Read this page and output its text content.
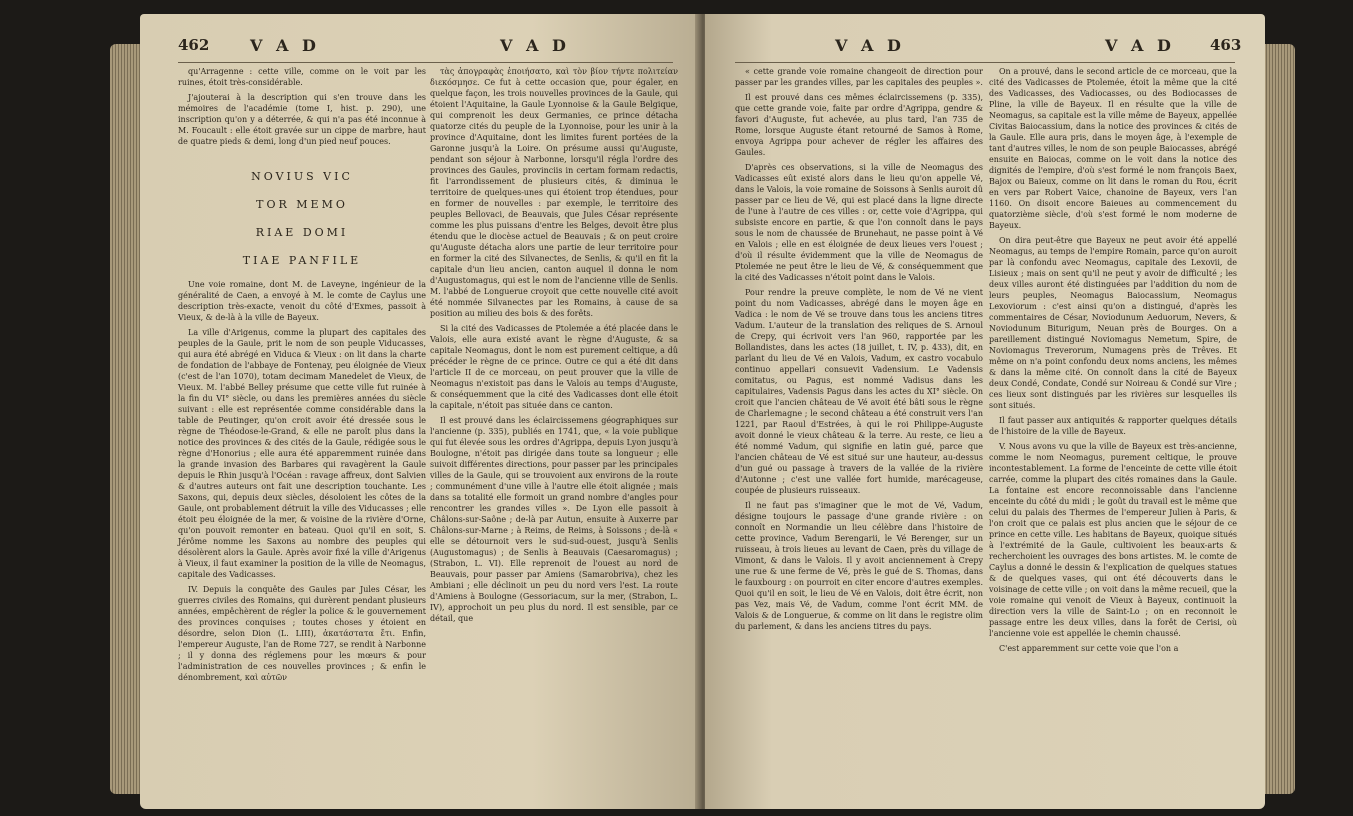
462	V A D	V A D

qu'Arragenne : cette ville, comme on le voit par les ruines, étoit très-considérable.

J'ajouterai à la description qui s'en trouve dans les mémoires de l'académie (tome I, hist. p. 290), une inscription qu'on y a déterrée, & qui n'a pas été inconnue à M. Foucault : elle étoit gravée sur un cippe de marbre, haut de quatre pieds & demi, long d'un pied neuf pouces.

NOVIUS VIC
TOR MEMO
RIAE DOMI
TIAE PANFILE

Une voie romaine, dont M. de Laveyne, ingénieur de la généralité de Caen, a envoyé à M. le comte de Caylus une description très-exacte, venoit du côté d'Exmes, passoit à Vieux, & de-là à la ville de Bayeux.

La ville d'Arigenus, comme la plupart des capitales des peuples de la Gaule, prit le nom de son peuple Viducasses, qui aura été abrégé en Viduca & Vieux : on lit dans la charte de fondation de l'abbaye de Fontenay, peu éloignée de Vieux (c'est de l'an 1070), totam decimam Manedelet de Vieux, de Vieux. M. l'abbé Belley présume que cette ville fut ruinée à la fin du VI° siècle, ou dans les premières années du siècle suivant : elle est représentée comme considérable dans la table de Peutinger, qu'on croit avoir été dressée sous le règne de Théodose-le-Grand, & elle ne paroît plus dans la notice des provinces & des cités de la Gaule, rédigée sous le règne d'Honorius ; elle aura été apparemment ruinée dans la grande invasion des Barbares qui ravagèrent la Gaule depuis le Rhin jusqu'à l'Océan : ravage affreux, dont Salvien & d'autres auteurs ont fait une description touchante. Les Saxons, qui, depuis deux siècles, désoloient les côtes de la Gaule, ont probablement détruit la ville des Viducasses ; elle étoit peu éloignée de la mer, & voisine de la rivière d'Orne, qu'on pouvoit remonter en bateau. Quoi qu'il en soit, S. Jérôme nomme les Saxons au nombre des peuples qui désolèrent alors la Gaule. Après avoir fixé la ville d'Arigenus à Vieux, il faut examiner la position de la ville de Neomagus, capitale des Vadicasses.

IV. Depuis la conquête des Gaules par Jules César, les guerres civiles des Romains, qui durèrent pendant plusieurs années, empêchèrent de régler la police & le gouvernement des provinces conquises ; toutes choses y étoient en désordre, selon Dion (L. LIII), ἀκατάστατα ἔτι. Enfin, l'empereur Auguste, l'an de Rome 727, se rendit à Narbonne ; il y donna des réglemens pour les mœurs & pour l'administration de ces nouvelles provinces ; & enfin le dénombrement, καὶ αὐτῶν

τὰς ἀπογραφὰς ἐποιήσατο, καὶ τὸν βίον τήντε πολιτείαν διεκόσμησε. Ce fut à cette occasion que, pour égaler, en quelque façon, les trois nouvelles provinces de la Gaule, qui étoient l'Aquitaine, la Gaule Lyonnoise & la Gaule Belgique, qui comprenoit les deux Germanies, ce prince détacha quatorze cités du peuple de la Lyonnoise, pour les unir à la province d'Aquitaine, dont les limites furent portées de la Garonne jusqu'à la Loire. On présume aussi qu'Auguste, pendant son séjour à Narbonne, lorsqu'il régla l'ordre des provinces des Gaules, provinciis in certam formam redactis, fit l'arrondissement de plusieurs cités, & diminua le territoire de quelques-unes qui étoient trop étendues, pour en former de nouvelles : par exemple, le territoire des peuples Bellovaci, de Beauvais, que Jules César représente comme les plus puissans d'entre les Belges, devoit être plus étendu que le diocèse actuel de Beauvais ; & on peut croire qu'Auguste détacha alors une partie de leur territoire pour en former la cité des Silvanectes, de Senlis, & qu'il en fit la capitale d'un lieu ancien, canton auquel il donna le nom d'Augustomagus, qui est le nom de l'ancienne ville de Senlis. M. l'abbé de Longuerue croyoit que cette nouvelle cité avoit été nommée Silvanectes par les Romains, à cause de sa position au milieu des bois & des forêts.

Si la cité des Vadicasses de Ptolemée a été placée dans le Valois, elle aura existé avant le règne d'Auguste, & sa capitale Neomagus, dont le nom est purement celtique, a dû précéder le règne de ce prince. Outre ce qui a été dit dans l'article II de ce morceau, on peut prouver que la ville de Neomagus n'existoit pas dans le Valois au temps d'Auguste, & conséquemment que la cité des Vadicasses dont elle étoit la capitale, n'étoit pas située dans ce canton.

Il est prouvé dans les éclaircissemens géographiques sur l'ancienne (p. 335), publiés en 1741, que, « la voie publique qui fut élevée sous les ordres d'Agrippa, depuis Lyon jusqu'à Boulogne, n'étoit pas dirigée dans toute sa longueur ; elle suivoit différentes directions, pour passer par les principales villes de la Gaule, qui se trouvoient aux environs de la route ; communément d'une ville à l'autre elle étoit alignée ; mais dans sa totalité elle formoit un grand nombre d'angles pour rencontrer les grandes villes ». De Lyon elle passoit à Châlons-sur-Saône ; de-là par Autun, ensuite à Auxerre par Châlons-sur-Marne ; à Reims, de Reims, à Soissons ; de-là « elle se détournoit vers le sud-sud-ouest, jusqu'à Senlis (Augustomagus) ; de Senlis à Beauvais (Caesaromagus) ; (Strabon, L. VI). Elle reprenoit de l'ouest au nord de Beauvais, pour passer par Amiens (Samarobriva), chez les Ambiani ; elle déclinoit un peu du nord vers l'est. La route d'Amiens à Boulogne (Gessoriacum, sur la mer, (Strabon, L. IV), approchoit un peu plus du nord. Il est sensible, par ce détail, que

V A D	V A D 463

« cette grande voie romaine changeoit de direction pour passer par les grandes villes, par les capitales des peuples ».

Il est prouvé dans ces mêmes éclaircissemens (p. 335), que cette grande voie, faite par ordre d'Agrippa, gendre & favori d'Auguste, fut achevée, au plus tard, l'an 735 de Rome, lorsque Auguste étant retourné de Samos à Rome, envoya Agrippa pour achever de régler les affaires des Gaules.

D'après ces observations, si la ville de Neomagus des Vadicasses eût existé alors dans le lieu qu'on appelle Vé, dans le Valois, la voie romaine de Soissons à Senlis auroit dû passer par ce lieu de Vé, qui est placé dans la ligne directe de l'une à l'autre de ces villes : or, cette voie d'Agrippa, qui subsiste encore en partie, & que l'on connoît dans le pays sous le nom de chaussée de Brunehaut, ne passe point à Vé en Valois ; elle en est éloignée de deux lieues vers l'ouest ; d'où il résulte évidemment que la ville de Neomagus de Ptolemée ne peut être le lieu de Vé, & conséquemment que la cité des Vadicasses n'étoit point dans le Valois.

Pour rendre la preuve complète, le nom de Vé ne vient point du nom Vadicasses, abrégé dans le moyen âge en Vadica : le nom de Vé se trouve dans tous les anciens titres Vadum. L'auteur de la translation des reliques de S. Arnoul de Crepy, qui écrivoit vers l'an 960, rapportée par les Bollandistes, dans les actes (18 juillet, t. IV, p. 433), dit, en parlant du lieu de Vé en Valois, Vadum, ex castro vocabulo continuo appellari consuevit Vadensium. Le Vadensis comitatus, ou Pagus, est nommé Vadisus dans les capitulaires, Vadensis Pagus dans les actes du XI° siècle. On croit que l'ancien château de Vé avoit été bâti sous le règne de Charlemagne ; le second château a été construit vers l'an 1221, par Raoul d'Estrées, à qui le roi Philippe-Auguste avoit donné le vieux château & la terre. Au reste, ce lieu a été nommé Vadum, qui signifie en latin gué, parce que l'ancien château de Vé est situé sur une hauteur, au-dessus d'un gué ou passage à travers de la vallée de la rivière d'Autonne ; c'est une vallée fort humide, marécageuse, coupée de plusieurs ruisseaux.

Il ne faut pas s'imaginer que le mot de Vé, Vadum, désigne toujours le passage d'une grande rivière : on connoît en Normandie un lieu célèbre dans l'histoire de cette province, Vadum Berengarii, le Vé Berenger, sur un ruisseau, à trois lieues au levant de Caen, près du village de Vimont, & dans le Valois. Il y avoit anciennement à Crepy une rue & une ferme de Vé, près le gué de S. Thomas, dans le fauxbourg : on pourroit en citer encore d'autres exemples. Quoi qu'il en soit, le lieu de Vé en Valois, doit être écrit, non pas Vez, mais Vé, de Vadum, comme l'ont écrit MM. de Valois & de Longuerue, & comme on lit dans le registre olim du parlement, & dans les anciens titres du pays.

On a prouvé, dans le second article de ce morceau, que la cité des Vadicasses de Ptolemée, étoit la même que la cité des Vadicasses, des Vadiocasses, ou des Bodiocasses de Pline, la ville de Bayeux. Il en résulte que la ville de Neomagus, sa capitale est la ville même de Bayeux, appellée Civitas Baiocassium, dans la notice des provinces & cités de la Gaule. Elle aura pris, dans le moyen âge, à l'exemple de tant d'autres villes, le nom de son peuple Baiocasses, abrégé ensuite en Baiocas, comme on le voit dans la notice des dignités de l'empire, d'où s'est formé le nom françois Baex, Bajox ou Baieux, comme on lit dans le roman du Rou, écrit en vers par Robert Vaice, chanoine de Bayeux, vers l'an 1160. On disoit encore Baieues au commencement du quatorzième siècle, d'où s'est formé le nom moderne de Bayeux.

On dira peut-être que Bayeux ne peut avoir été appellé Neomagus, au temps de l'empire Romain, parce qu'on auroit par là confondu avec Neomagus, capitale des Lexovii, de Lisieux ; mais on sent qu'il ne peut y avoir de difficulté ; les deux villes auront été distinguées par l'addition du nom de leurs peuples, Neomagus Baiocassium, Neomagus Lexoviorum : c'est ainsi qu'on a distingué, d'après les commentaires de César, Noviodunum Aeduorum, Nevers, & Noviodunum Biturigum, Neuan près de Bourges. On a pareillement distingué Noviomagus Nemetum, Spire, de Noviomagus Treverorum, Numagens près de Trêves. Et même on n'a point confondu deux noms anciens, les mêmes & dans la même cité. On connoît dans la cité de Bayeux deux Condé, Condate, Condé sur Noireau & Condé sur Vire ; ces lieux sont distingués par les rivières sur lesquelles ils sont situés.

Il faut passer aux antiquités & rapporter quelques détails de l'histoire de la ville de Bayeux.

V. Nous avons vu que la ville de Bayeux est très-ancienne, comme le nom Neomagus, purement celtique, le prouve incontestablement. La forme de l'enceinte de cette ville étoit carrée, comme la plupart des cités romaines dans la Gaule. La fontaine est encore reconnoissable dans l'ancienne enceinte du côté du midi ; le goût du travail est le même que celui du palais des Thermes de l'empereur Julien à Paris, & l'on croit que ce palais est plus ancien que le séjour de ce prince en cette ville. Les habitans de Bayeux, quoique situés à l'extrémité de la Gaule, cultivoient les beaux-arts & recherchoient les ouvrages des bons artistes. M. le comte de Caylus a donné le dessin & l'explication de quelques statues & de quelques vases, qui ont été découverts dans le voisinage de cette ville ; on voit dans la même recueil, que la voie romaine qui venoit de Vieux à Bayeux, continuoit la direction vers la ville de Saint-Lo ; on en reconnoit le passage entre les deux villes, dans la forêt de Cerisi, où l'ancienne voie est appellée le chemin chaussé.

C'est apparemment sur cette voie que l'on a
